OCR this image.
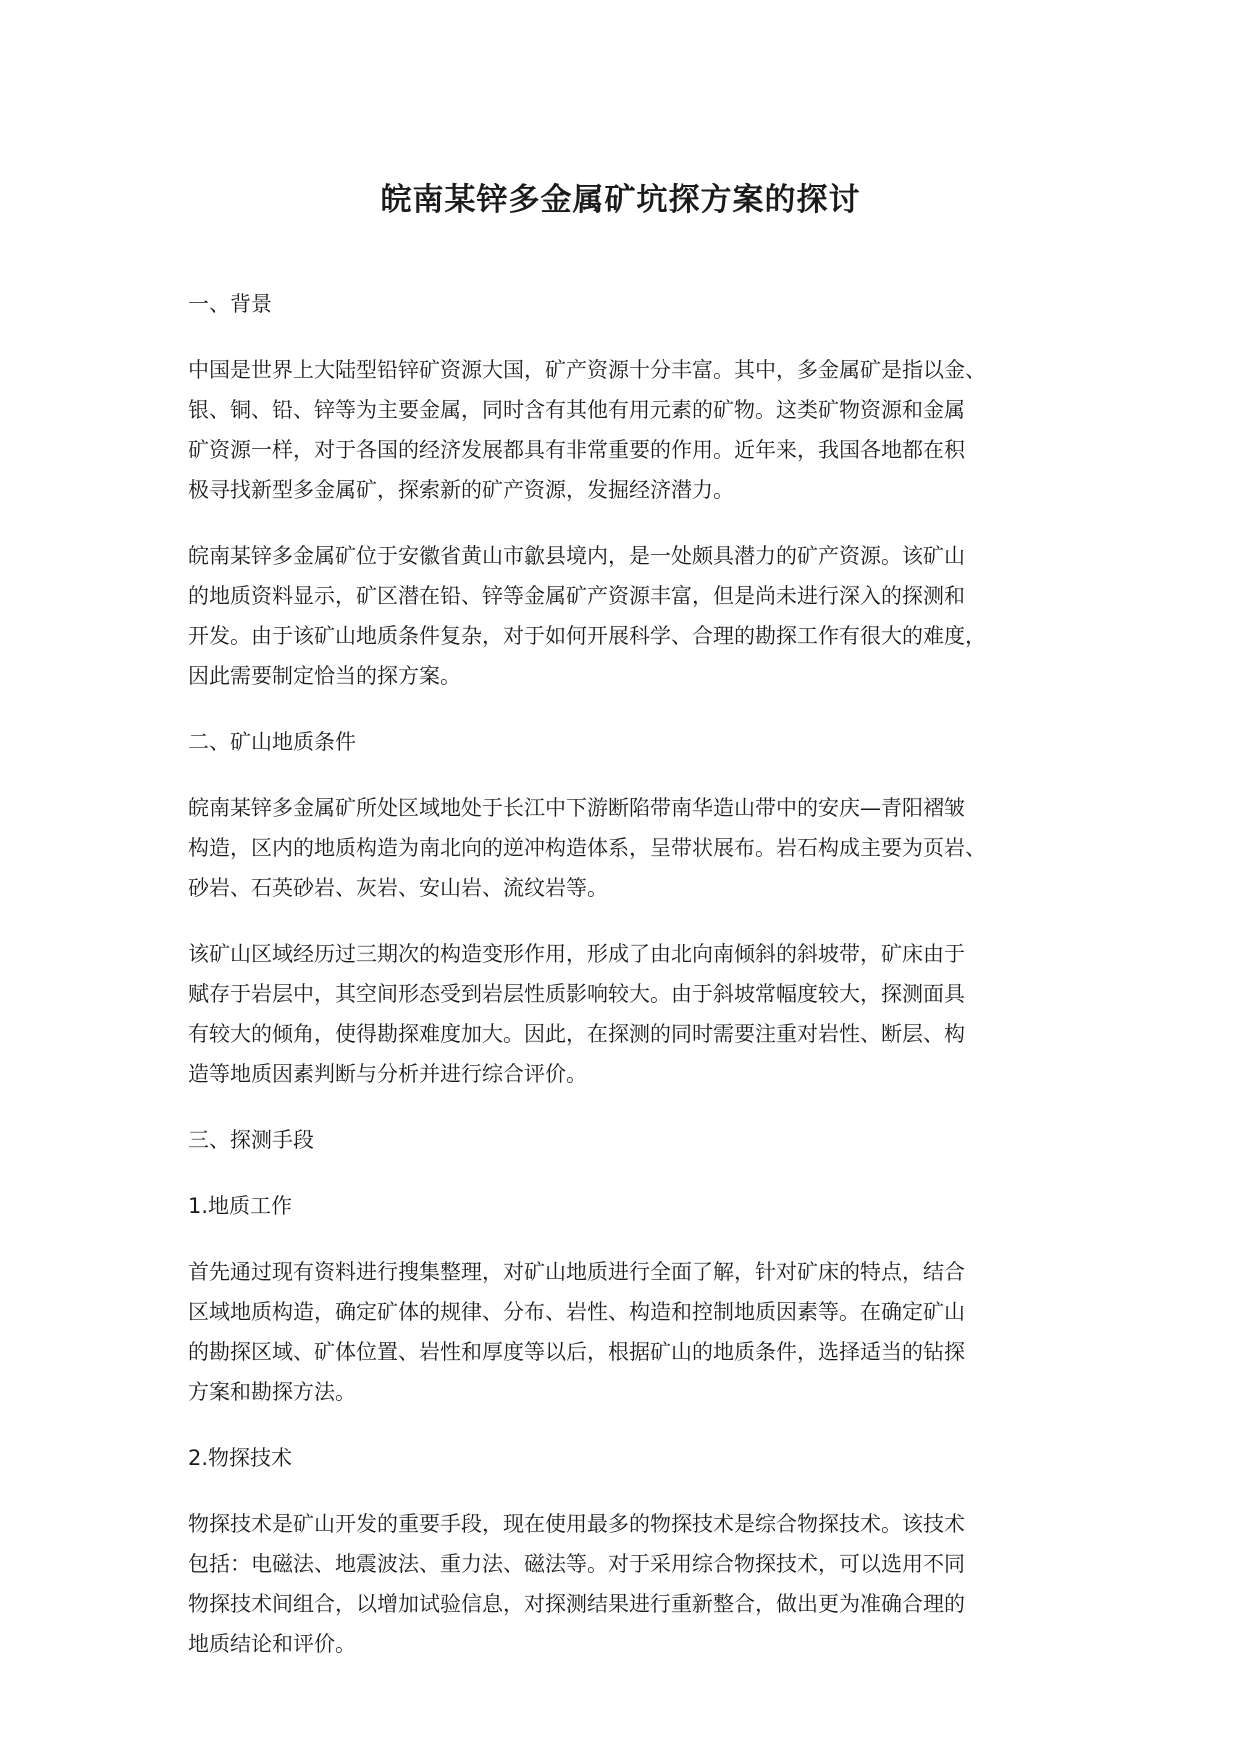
皖南某锌多金属矿坑探方案的探讨
一、背景
中国是世界上大陆型铅锌矿资源大国，矿产资源十分丰富。其中，多金属矿是指以金、
银、铜、铅、锌等为主要金属，同时含有其他有用元素的矿物。这类矿物资源和金属
矿资源一样，对于各国的经济发展都具有非常重要的作用。近年来，我国各地都在积
极寻找新型多金属矿，探索新的矿产资源，发掘经济潜力。
皖南某锌多金属矿位于安徽省黄山市歙县境内，是一处颇具潜力的矿产资源。该矿山
的地质资料显示，矿区潜在铅、锌等金属矿产资源丰富，但是尚未进行深入的探测和
开发。由于该矿山地质条件复杂，对于如何开展科学、合理的勘探工作有很大的难度，
因此需要制定恰当的探方案。
二、矿山地质条件
皖南某锌多金属矿所处区域地处于长江中下游断陷带南华造山带中的安庆—青阳褶皱
构造，区内的地质构造为南北向的逆冲构造体系，呈带状展布。岩石构成主要为页岩、
砂岩、石英砂岩、灰岩、安山岩、流纹岩等。
该矿山区域经历过三期次的构造变形作用，形成了由北向南倾斜的斜坡带，矿床由于
赋存于岩层中，其空间形态受到岩层性质影响较大。由于斜坡常幅度较大，探测面具
有较大的倾角，使得勘探难度加大。因此，在探测的同时需要注重对岩性、断层、构
造等地质因素判断与分析并进行综合评价。
三、探测手段
1.地质工作
首先通过现有资料进行搜集整理，对矿山地质进行全面了解，针对矿床的特点，结合
区域地质构造，确定矿体的规律、分布、岩性、构造和控制地质因素等。在确定矿山
的勘探区域、矿体位置、岩性和厚度等以后，根据矿山的地质条件，选择适当的钻探
方案和勘探方法。
2.物探技术
物探技术是矿山开发的重要手段，现在使用最多的物探技术是综合物探技术。该技术
包括：电磁法、地震波法、重力法、磁法等。对于采用综合物探技术，可以选用不同
物探技术间组合，以增加试验信息，对探测结果进行重新整合，做出更为准确合理的
地质结论和评价。
